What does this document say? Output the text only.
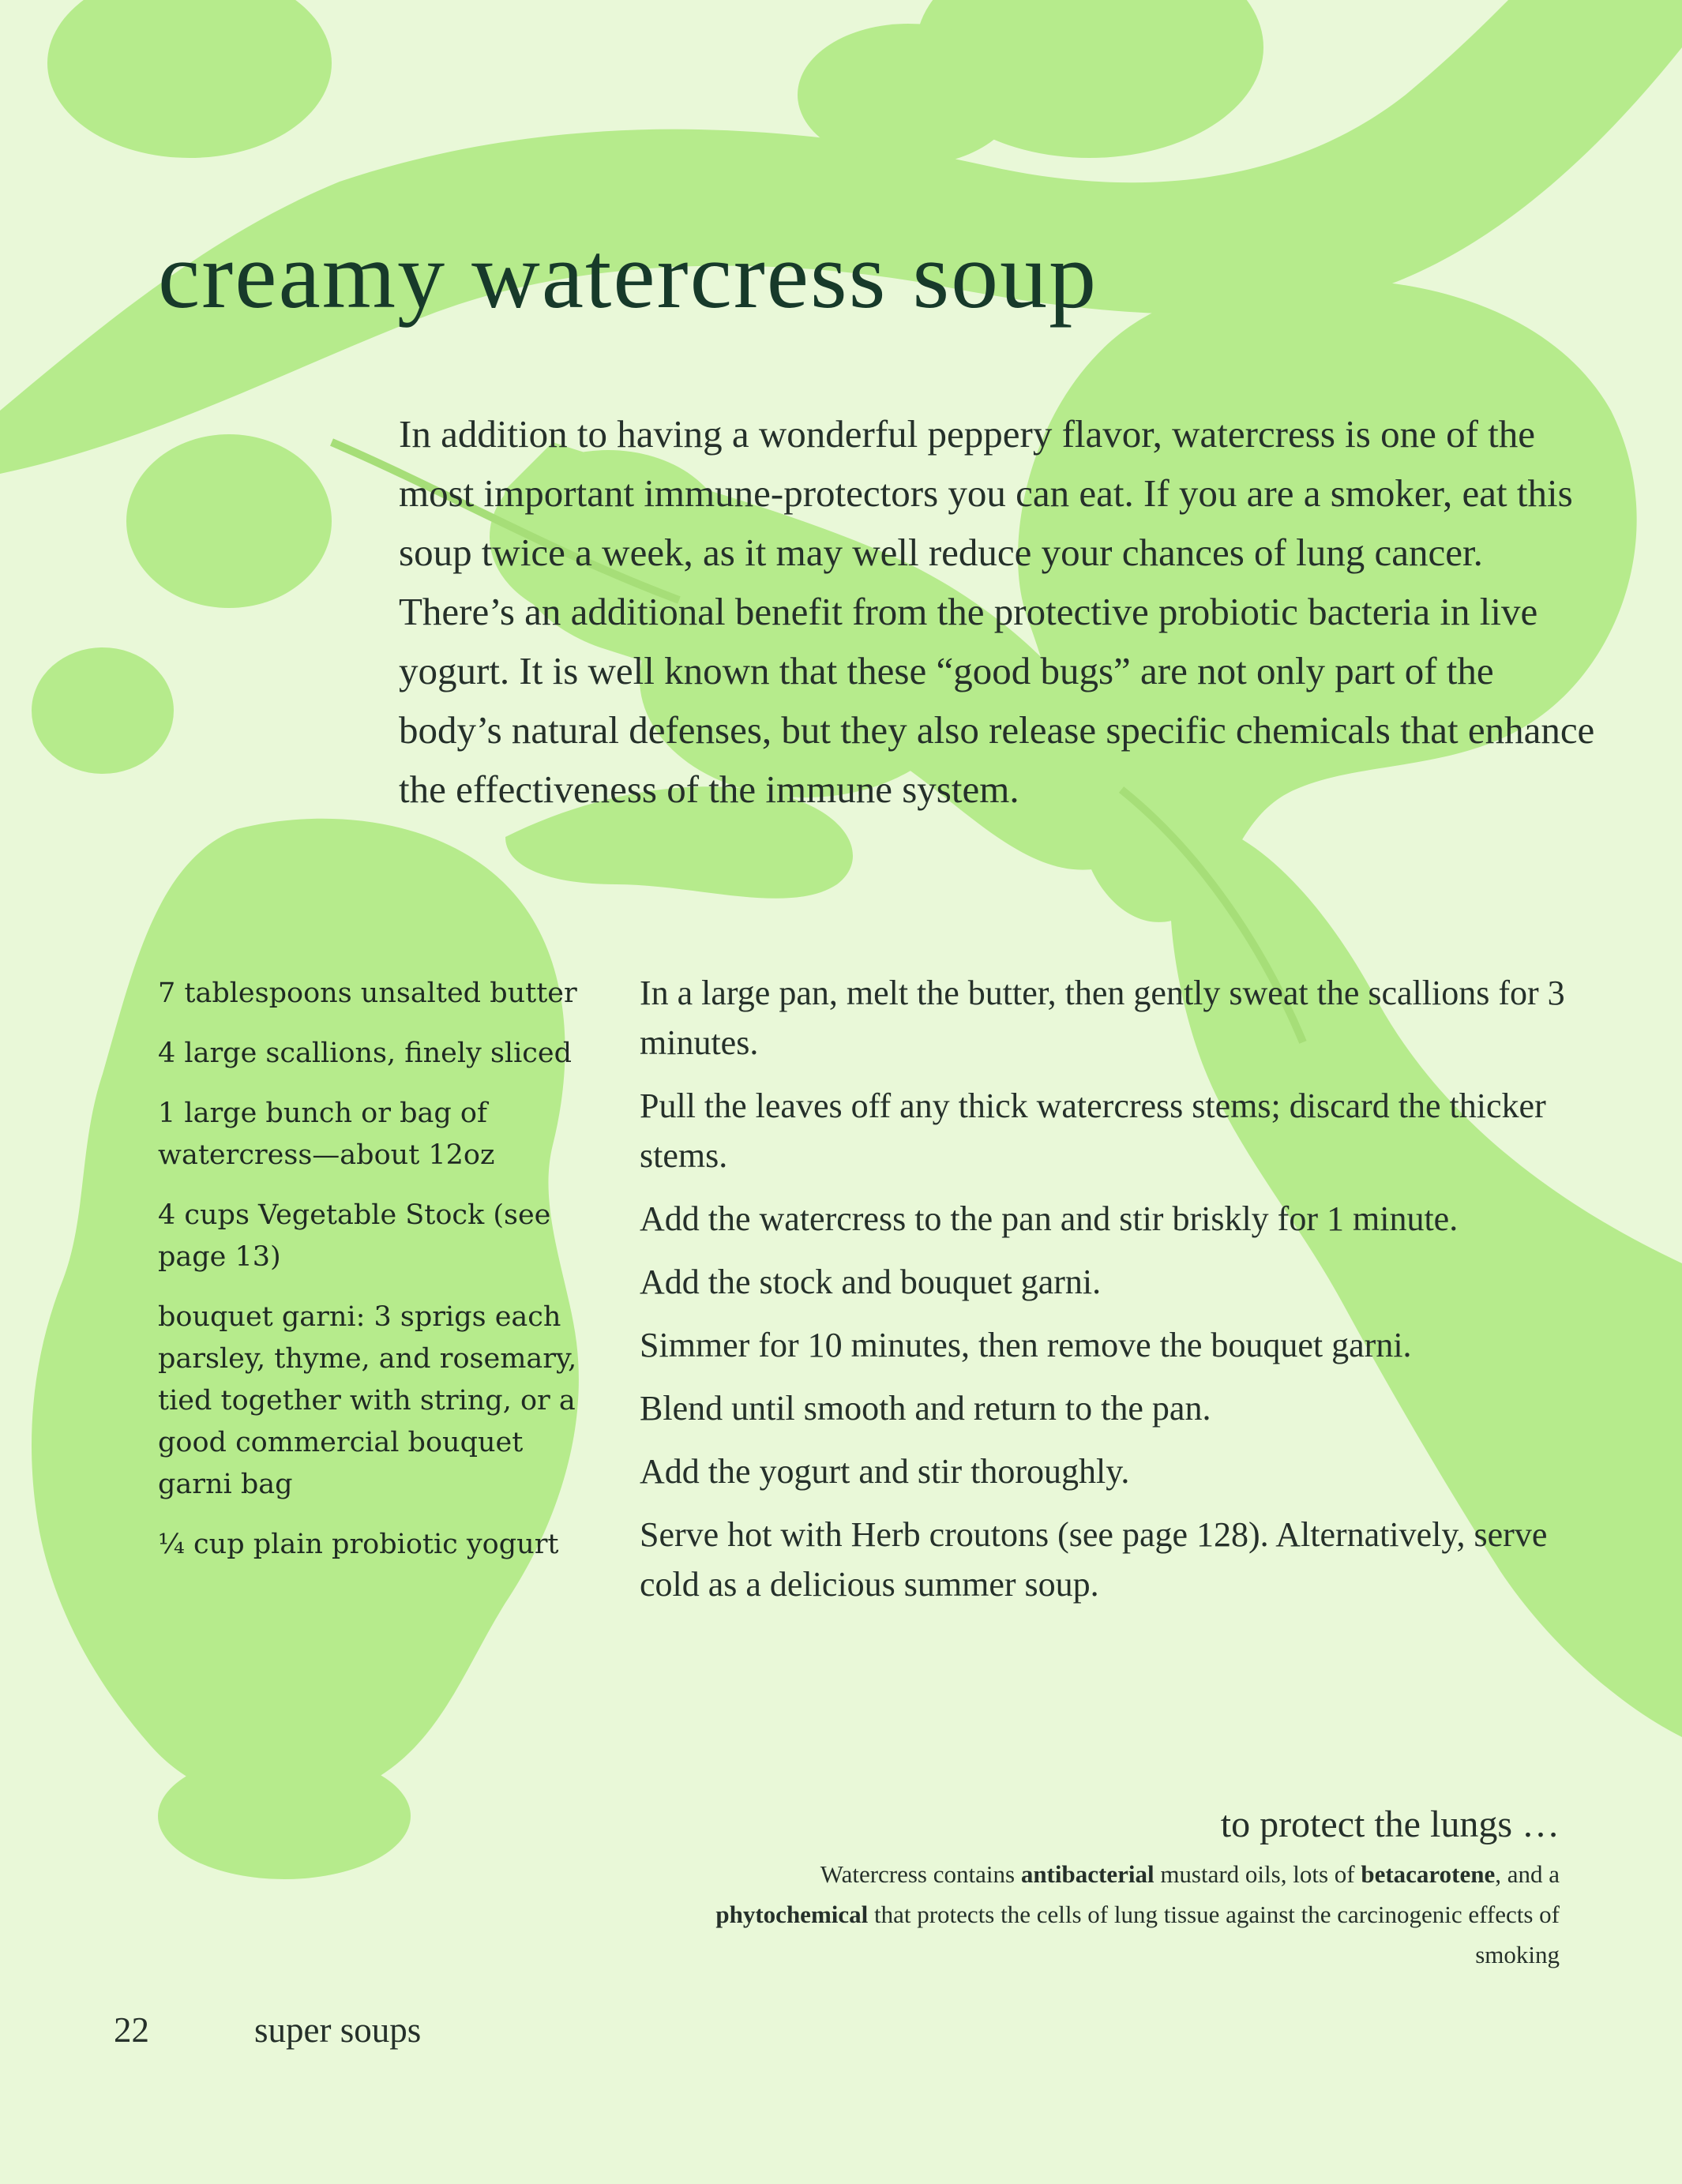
creamy watercress soup

In addition to having a wonderful peppery flavor, watercress is one of the most important immune-protectors you can eat. If you are a smoker, eat this soup twice a week, as it may well reduce your chances of lung cancer. There’s an additional benefit from the protective probiotic bacteria in live yogurt. It is well known that these “good bugs” are not only part of the body’s natural defenses, but they also release specific chemicals that enhance the effectiveness of the immune system.

7 tablespoons unsalted butter
4 large scallions, finely sliced
1 large bunch or bag of watercress—about 12oz
4 cups Vegetable Stock (see page 13)
bouquet garni: 3 sprigs each parsley, thyme, and rosemary, tied together with string, or a good commercial bouquet garni bag
¼ cup plain probiotic yogurt
In a large pan, melt the butter, then gently sweat the scallions for 3 minutes.
Pull the leaves off any thick watercress stems; discard the thicker stems.
Add the watercress to the pan and stir briskly for 1 minute.
Add the stock and bouquet garni.
Simmer for 10 minutes, then remove the bouquet garni.
Blend until smooth and return to the pan.
Add the yogurt and stir thoroughly.
Serve hot with Herb croutons (see page 128). Alternatively, serve cold as a delicious summer soup.
to protect the lungs …

Watercress contains antibacterial mustard oils, lots of betacarotene, and a phytochemical that protects the cells of lung tissue against the carcinogenic effects of smoking

22	super soups
